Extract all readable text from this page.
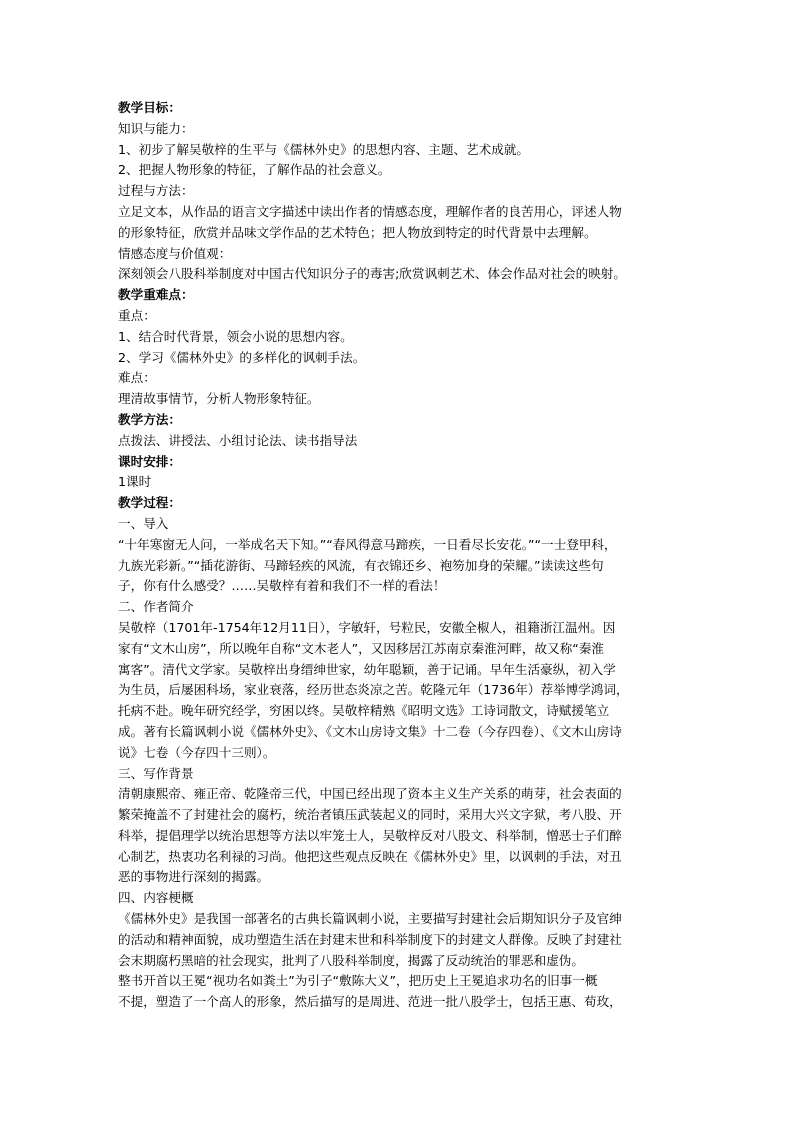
教学目标：
知识与能力：
1、初步了解吴敬梓的生平与《儒林外史》的思想内容、主题、艺术成就。
2、把握人物形象的特征，了解作品的社会意义。
过程与方法：
立足文本，从作品的语言文字描述中读出作者的情感态度，理解作者的良苦用心，评述人物
的形象特征，欣赏并品味文学作品的艺术特色；把人物放到特定的时代背景中去理解。
情感态度与价值观：
深刻领会八股科举制度对中国古代知识分子的毒害;欣赏讽刺艺术、体会作品对社会的映射。
教学重难点：
重点：
1、结合时代背景，领会小说的思想内容。
2、学习《儒林外史》的多样化的讽刺手法。
难点：
理清故事情节，分析人物形象特征。
教学方法：
点拨法、讲授法、小组讨论法、读书指导法
课时安排：
1课时
教学过程：
一、导入
“十年寒窗无人问，一举成名天下知。”“春风得意马蹄疾，一日看尽长安花。”“一士登甲科，
九族光彩新。”“插花游街、马蹄轻疾的风流，有衣锦还乡、袍笏加身的荣耀。”读读这些句
子，你有什么感受？……吴敬梓有着和我们不一样的看法！
二、作者简介
吴敬梓（1701年-1754年12月11日），字敏轩，号粒民，安徽全椒人，祖籍浙江温州。因
家有“文木山房”，所以晚年自称“文木老人”，又因移居江苏南京秦淮河畔，故又称“秦淮
寓客”。清代文学家。吴敬梓出身缙绅世家，幼年聪颖，善于记诵。早年生活豪纵，初入学
为生员，后屡困科场，家业衰落，经历世态炎凉之苦。乾隆元年（1736年）荐举博学鸿词，
托病不赴。晚年研究经学，穷困以终。吴敬梓精熟《昭明文选》工诗词散文，诗赋援笔立
成。著有长篇讽刺小说《儒林外史》、《文木山房诗文集》十二卷（今存四卷）、《文木山房诗
说》七卷（今存四十三则）。
三、写作背景
清朝康熙帝、雍正帝、乾隆帝三代，中国已经出现了资本主义生产关系的萌芽，社会表面的
繁荣掩盖不了封建社会的腐朽，统治者镇压武装起义的同时，采用大兴文字狱，考八股、开
科举，提倡理学以统治思想等方法以牢笼士人，吴敬梓反对八股文、科举制，憎恶士子们醉
心制艺，热衷功名利禄的习尚。他把这些观点反映在《儒林外史》里，以讽刺的手法，对丑
恶的事物进行深刻的揭露。
四、内容梗概
《儒林外史》是我国一部著名的古典长篇讽刺小说，主要描写封建社会后期知识分子及官绅
的活动和精神面貌，成功塑造生活在封建末世和科举制度下的封建文人群像。反映了封建社
会末期腐朽黑暗的社会现实，批判了八股科举制度，揭露了反动统治的罪恶和虚伪。
整书开首以王冕“视功名如粪土”为引子“敷陈大义”，把历史上王冕追求功名的旧事一概
不提，塑造了一个高人的形象，然后描写的是周进、范进一批八股学士，包括王惠、荀玫，
